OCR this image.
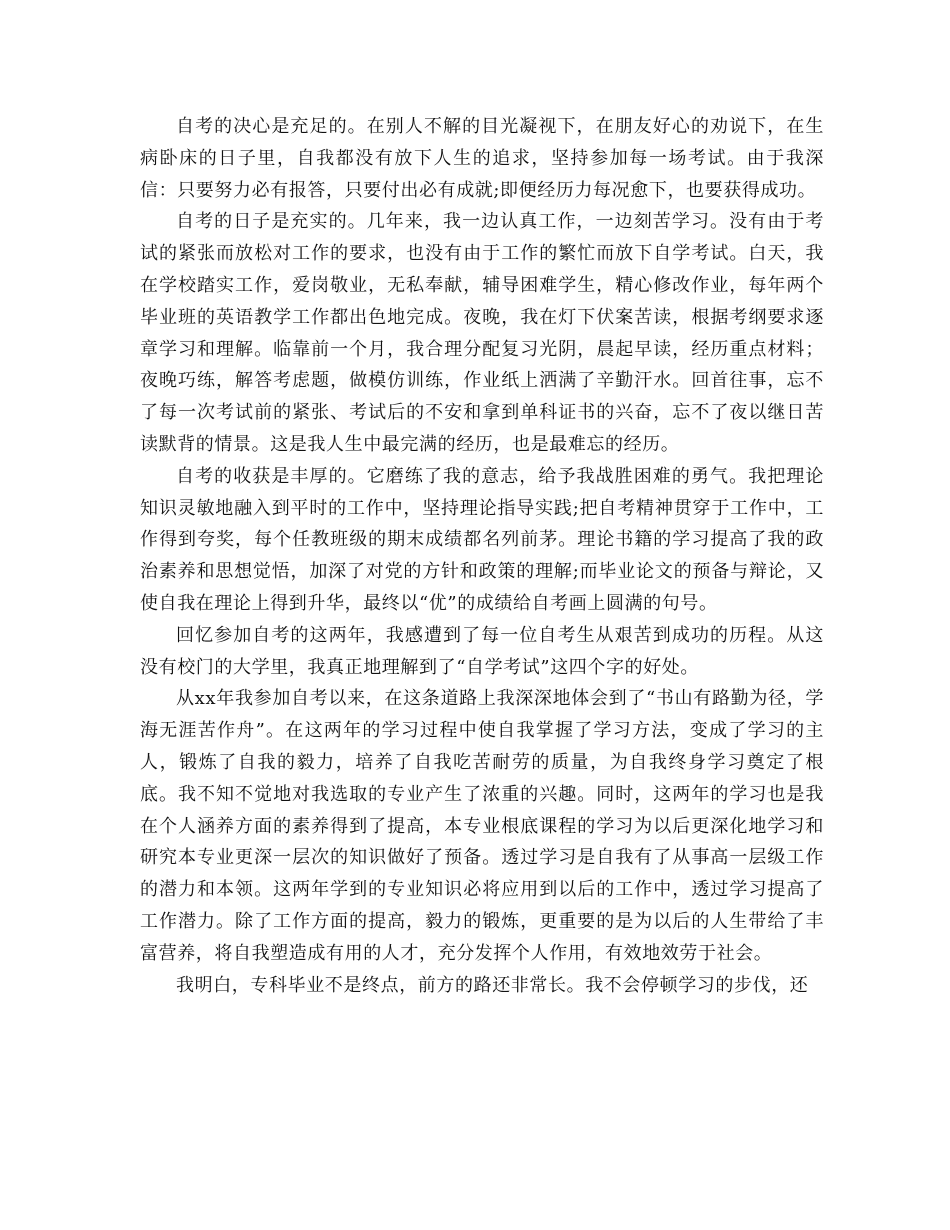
自考的决心是充足的。在别人不解的目光凝视下，在朋友好心的劝说下，在生病卧床的日子里，自我都没有放下人生的追求，坚持参加每一场考试。由于我深信：只要努力必有报答，只要付出必有成就;即便经历力每况愈下，也要获得成功。

自考的日子是充实的。几年来，我一边认真工作，一边刻苦学习。没有由于考试的紧张而放松对工作的要求，也没有由于工作的繁忙而放下自学考试。白天，我在学校踏实工作，爱岗敬业，无私奉献，辅导困难学生，精心修改作业，每年两个毕业班的英语教学工作都出色地完成。夜晚，我在灯下伏案苦读，根据考纲要求逐章学习和理解。临靠前一个月，我合理分配复习光阴，晨起早读，经历重点材料；夜晚巧练，解答考虑题，做模仿训练，作业纸上洒满了辛勤汗水。回首往事，忘不了每一次考试前的紧张、考试后的不安和拿到单科证书的兴奋，忘不了夜以继日苦读默背的情景。这是我人生中最完满的经历，也是最难忘的经历。

自考的收获是丰厚的。它磨练了我的意志，给予我战胜困难的勇气。我把理论知识灵敏地融入到平时的工作中，坚持理论指导实践;把自考精神贯穿于工作中，工作得到夸奖，每个任教班级的期末成绩都名列前茅。理论书籍的学习提高了我的政治素养和思想觉悟，加深了对党的方针和政策的理解;而毕业论文的预备与辩论，又使自我在理论上得到升华，最终以“优”的成绩给自考画上圆满的句号。

回忆参加自考的这两年，我感遭到了每一位自考生从艰苦到成功的历程。从这没有校门的大学里，我真正地理解到了“自学考试”这四个字的好处。

从xx年我参加自考以来，在这条道路上我深深地体会到了“书山有路勤为径，学海无涯苦作舟”。在这两年的学习过程中使自我掌握了学习方法，变成了学习的主人，锻炼了自我的毅力，培养了自我吃苦耐劳的质量，为自我终身学习奠定了根底。我不知不觉地对我选取的专业产生了浓重的兴趣。同时，这两年的学习也是我在个人涵养方面的素养得到了提高，本专业根底课程的学习为以后更深化地学习和研究本专业更深一层次的知识做好了预备。透过学习是自我有了从事高一层级工作的潜力和本领。这两年学到的专业知识必将应用到以后的工作中，透过学习提高了工作潜力。除了工作方面的提高，毅力的锻炼，更重要的是为以后的人生带给了丰富营养，将自我塑造成有用的人才，充分发挥个人作用，有效地效劳于社会。

我明白，专科毕业不是终点，前方的路还非常长。我不会停顿学习的步伐，还
